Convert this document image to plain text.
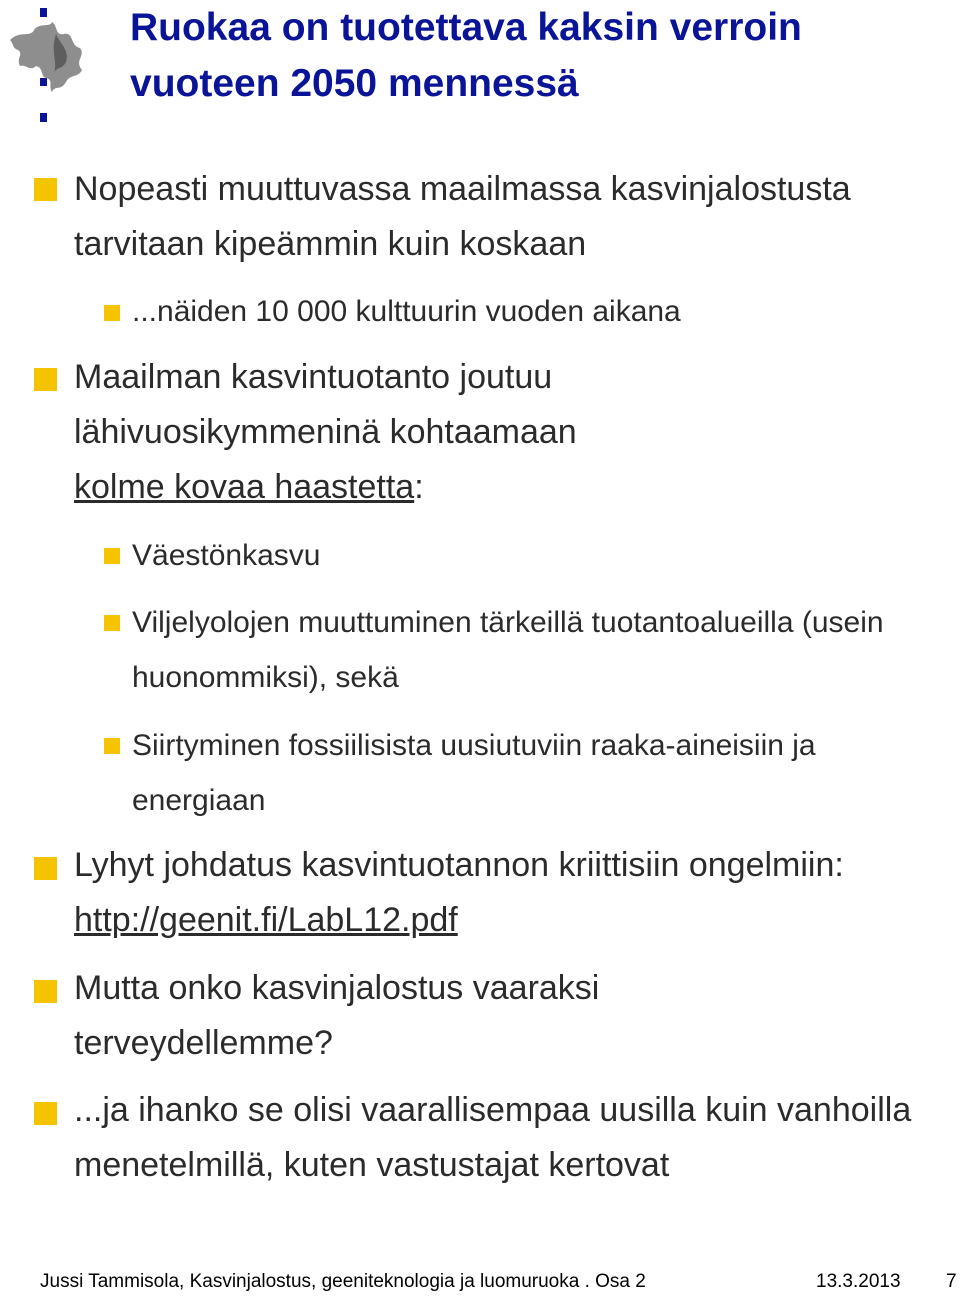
Ruokaa on tuotettava kaksin verroin vuoteen 2050 mennessä

Nopeasti muuttuvassa maailmassa kasvinjalostusta tarvitaan kipeämmin kuin koskaan

...näiden 10 000 kulttuurin vuoden aikana

Maailman kasvintuotanto joutuu lähivuosikymmeninä kohtaamaan kolme kovaa haastetta:

Väestönkasvu

Viljelyolojen muuttuminen tärkeillä tuotantoalueilla (usein huonommiksi), sekä

Siirtyminen fossiilisista uusiutuviin raaka-aineisiin ja energiaan

Lyhyt johdatus kasvintuotannon kriittisiin ongelmiin:
http://geenit.fi/LabL12.pdf

Mutta onko kasvinjalostus vaaraksi terveydellemme?

...ja ihanko se olisi vaarallisempaa uusilla kuin vanhoilla menetelmillä, kuten vastustajat kertovat

Jussi Tammisola, Kasvinjalostus, geeniteknologia ja luomuruoka . Osa 2	13.3.2013 7
